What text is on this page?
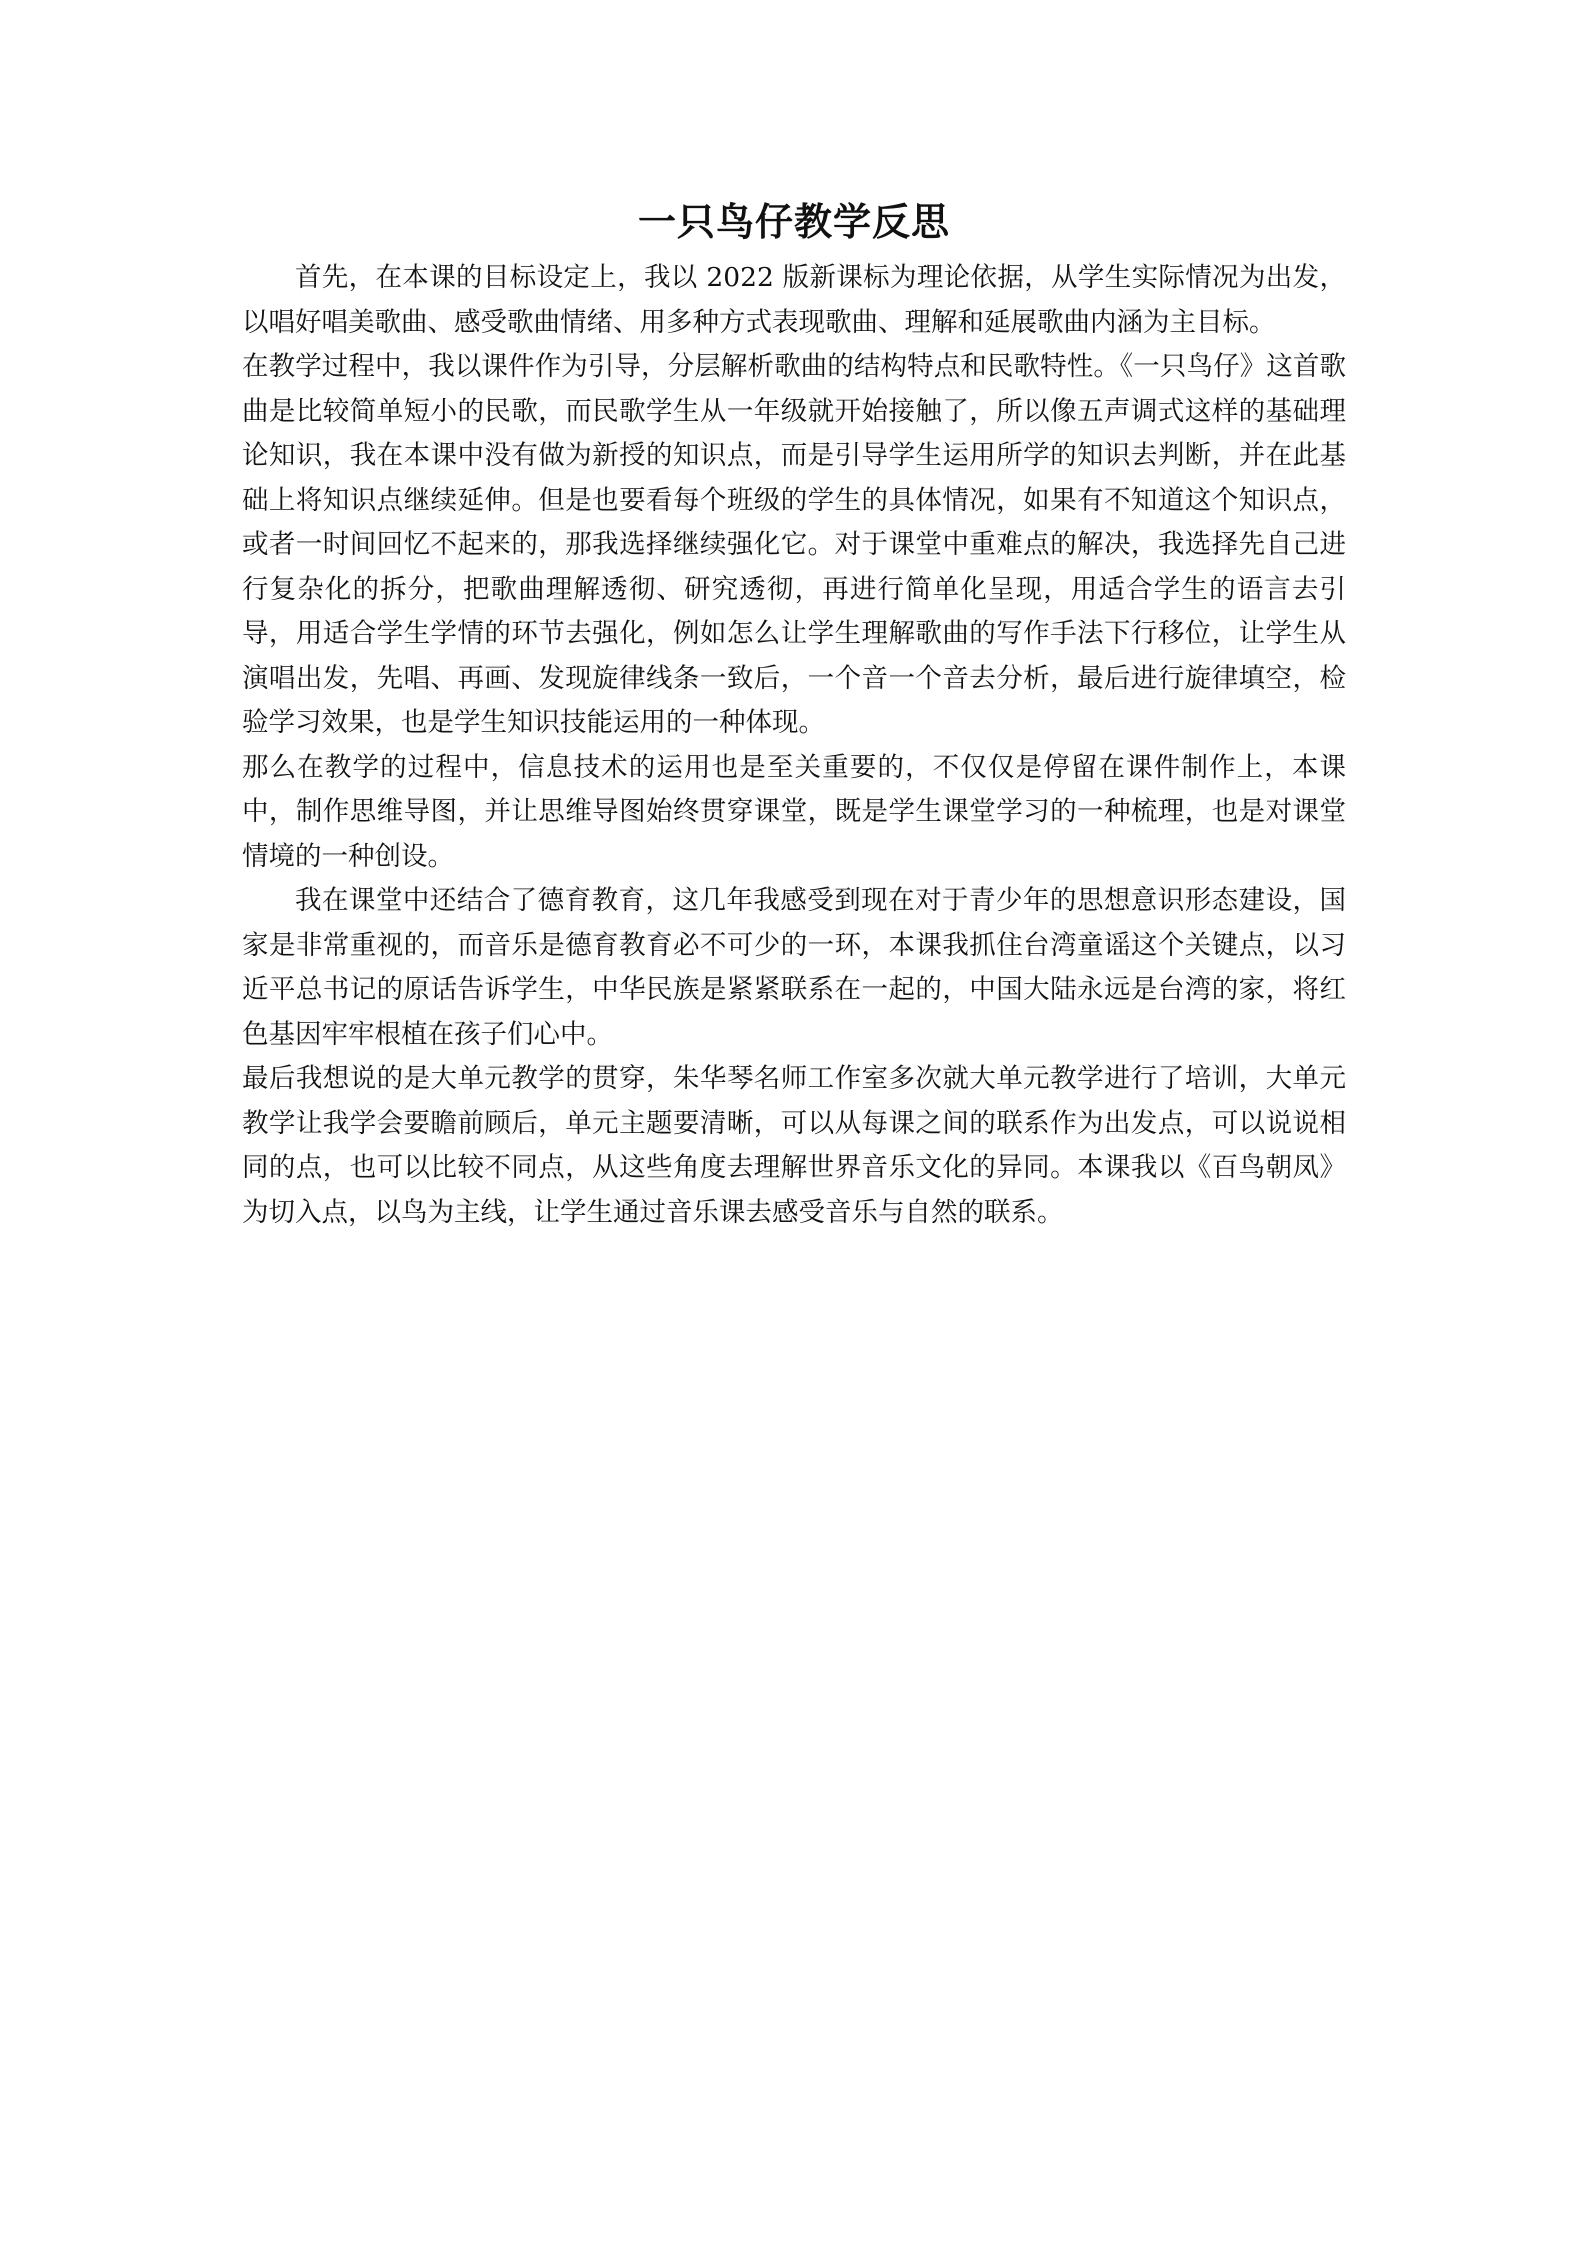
一只鸟仔教学反思

首先，在本课的目标设定上，我以 2022 版新课标为理论依据，从学生实际情况为出发，以唱好唱美歌曲、感受歌曲情绪、用多种方式表现歌曲、理解和延展歌曲内涵为主目标。

在教学过程中，我以课件作为引导，分层解析歌曲的结构特点和民歌特性。《一只鸟仔》这首歌曲是比较简单短小的民歌，而民歌学生从一年级就开始接触了，所以像五声调式这样的基础理论知识，我在本课中没有做为新授的知识点，而是引导学生运用所学的知识去判断，并在此基础上将知识点继续延伸。但是也要看每个班级的学生的具体情况，如果有不知道这个知识点，或者一时间回忆不起来的，那我选择继续强化它。对于课堂中重难点的解决，我选择先自己进行复杂化的拆分，把歌曲理解透彻、研究透彻，再进行简单化呈现，用适合学生的语言去引导，用适合学生学情的环节去强化，例如怎么让学生理解歌曲的写作手法下行移位，让学生从演唱出发，先唱、再画、发现旋律线条一致后，一个音一个音去分析，最后进行旋律填空，检验学习效果，也是学生知识技能运用的一种体现。

那么在教学的过程中，信息技术的运用也是至关重要的，不仅仅是停留在课件制作上，本课中，制作思维导图，并让思维导图始终贯穿课堂，既是学生课堂学习的一种梳理，也是对课堂情境的一种创设。

我在课堂中还结合了德育教育，这几年我感受到现在对于青少年的思想意识形态建设，国家是非常重视的，而音乐是德育教育必不可少的一环，本课我抓住台湾童谣这个关键点，以习近平总书记的原话告诉学生，中华民族是紧紧联系在一起的，中国大陆永远是台湾的家，将红色基因牢牢根植在孩子们心中。

最后我想说的是大单元教学的贯穿，朱华琴名师工作室多次就大单元教学进行了培训，大单元教学让我学会要瞻前顾后，单元主题要清晰，可以从每课之间的联系作为出发点，可以说说相同的点，也可以比较不同点，从这些角度去理解世界音乐文化的异同。本课我以《百鸟朝凤》为切入点，以鸟为主线，让学生通过音乐课去感受音乐与自然的联系。
